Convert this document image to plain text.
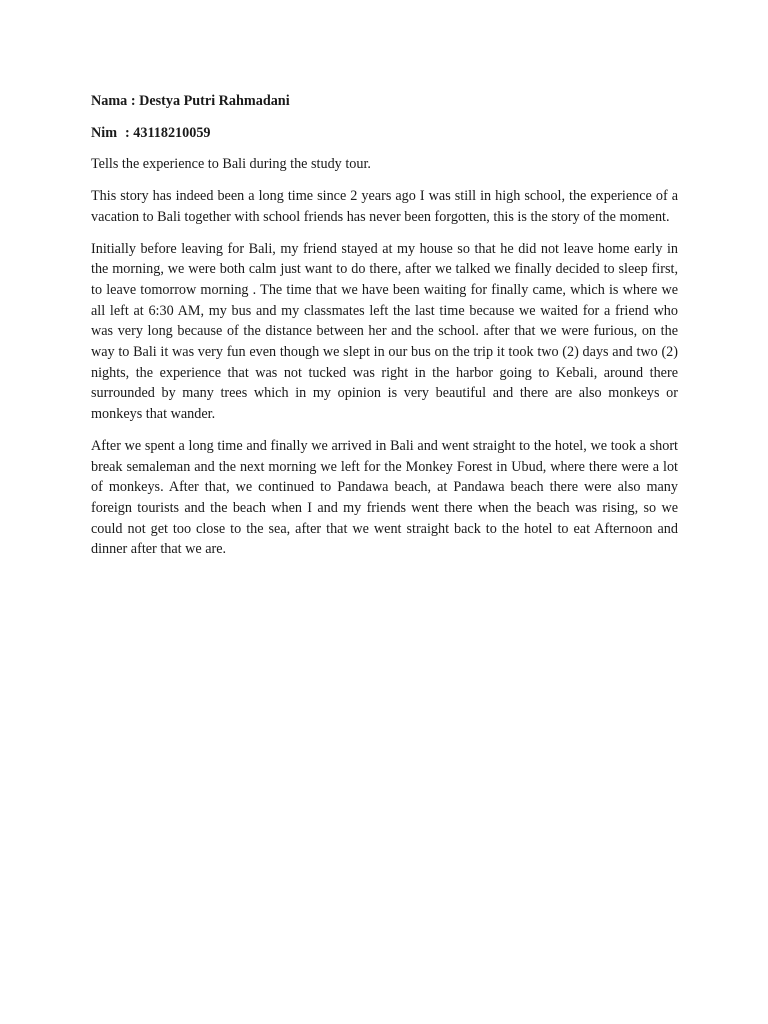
Nama : Destya Putri Rahmadani
Nim : 43118210059

Tells the experience to Bali during the study tour.

This story has indeed been a long time since 2 years ago I was still in high school, the experience of a vacation to Bali together with school friends has never been forgotten, this is the story of the moment.

Initially before leaving for Bali, my friend stayed at my house so that he did not leave home early in the morning, we were both calm just want to do there, after we talked we finally decided to sleep first, to leave tomorrow morning . The time that we have been waiting for finally came, which is where we all left at 6:30 AM, my bus and my classmates left the last time because we waited for a friend who was very long because of the distance between her and the school. after that we were furious, on the way to Bali it was very fun even though we slept in our bus on the trip it took two (2) days and two (2) nights, the experience that was not tucked was right in the harbor going to Kebali, around there surrounded by many trees which in my opinion is very beautiful and there are also monkeys or monkeys that wander.

After we spent a long time and finally we arrived in Bali and went straight to the hotel, we took a short break semaleman and the next morning we left for the Monkey Forest in Ubud, where there were a lot of monkeys. After that, we continued to Pandawa beach, at Pandawa beach there were also many foreign tourists and the beach when I and my friends went there when the beach was rising, so we could not get too close to the sea, after that we went straight back to the hotel to eat Afternoon and dinner after that we are.
